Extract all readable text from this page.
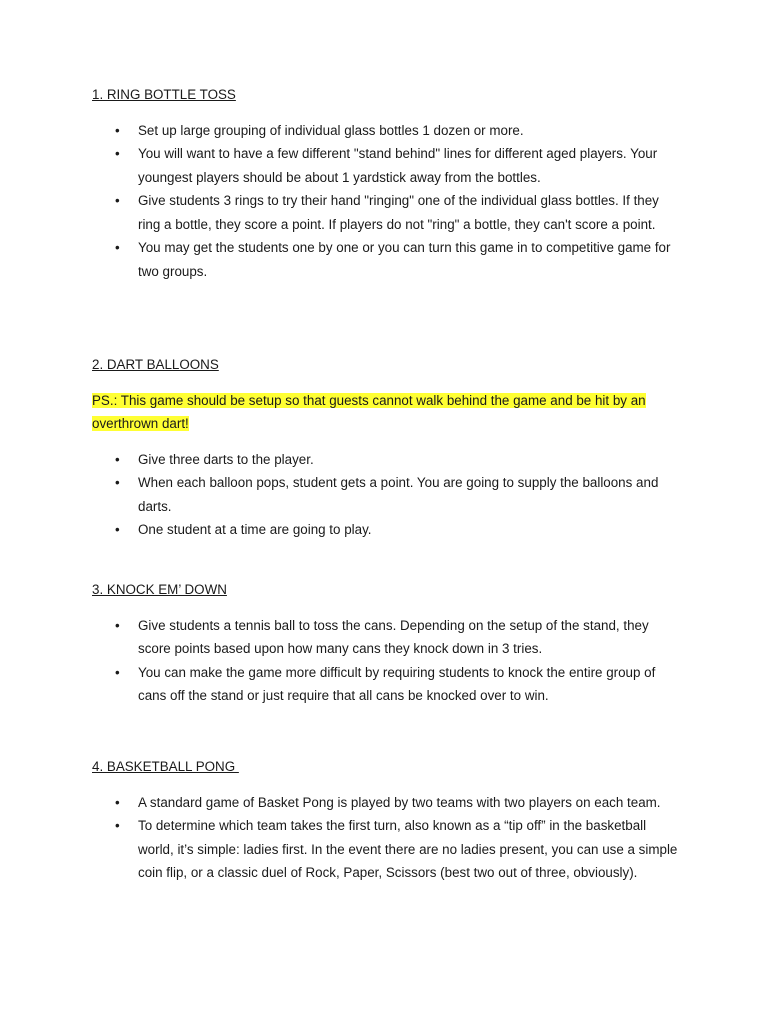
1. RING BOTTLE TOSS

• Set up large grouping of individual glass bottles 1 dozen or more.
• You will want to have a few different "stand behind" lines for different aged players. Your youngest players should be about 1 yardstick away from the bottles.
• Give students 3 rings to try their hand "ringing" one of the individual glass bottles. If they ring a bottle, they score a point. If players do not "ring" a bottle, they can't score a point.
• You may get the students one by one or you can turn this game in to competitive game for two groups.

2. DART BALLOONS

PS.: This game should be setup so that guests cannot walk behind the game and be hit by an overthrown dart!
• Give three darts to the player.
• When each balloon pops, student gets a point. You are going to supply the balloons and darts.
• One student at a time are going to play.

3. KNOCK EM’ DOWN

• Give students a tennis ball to toss the cans. Depending on the setup of the stand, they score points based upon how many cans they knock down in 3 tries.
• You can make the game more difficult by requiring students to knock the entire group of cans off the stand or just require that all cans be knocked over to win.

4. BASKETBALL PONG

• A standard game of Basket Pong is played by two teams with two players on each team.
• To determine which team takes the first turn, also known as a “tip off” in the basketball world, it’s simple: ladies first. In the event there are no ladies present, you can use a simple coin flip, or a classic duel of Rock, Paper, Scissors (best two out of three, obviously).
